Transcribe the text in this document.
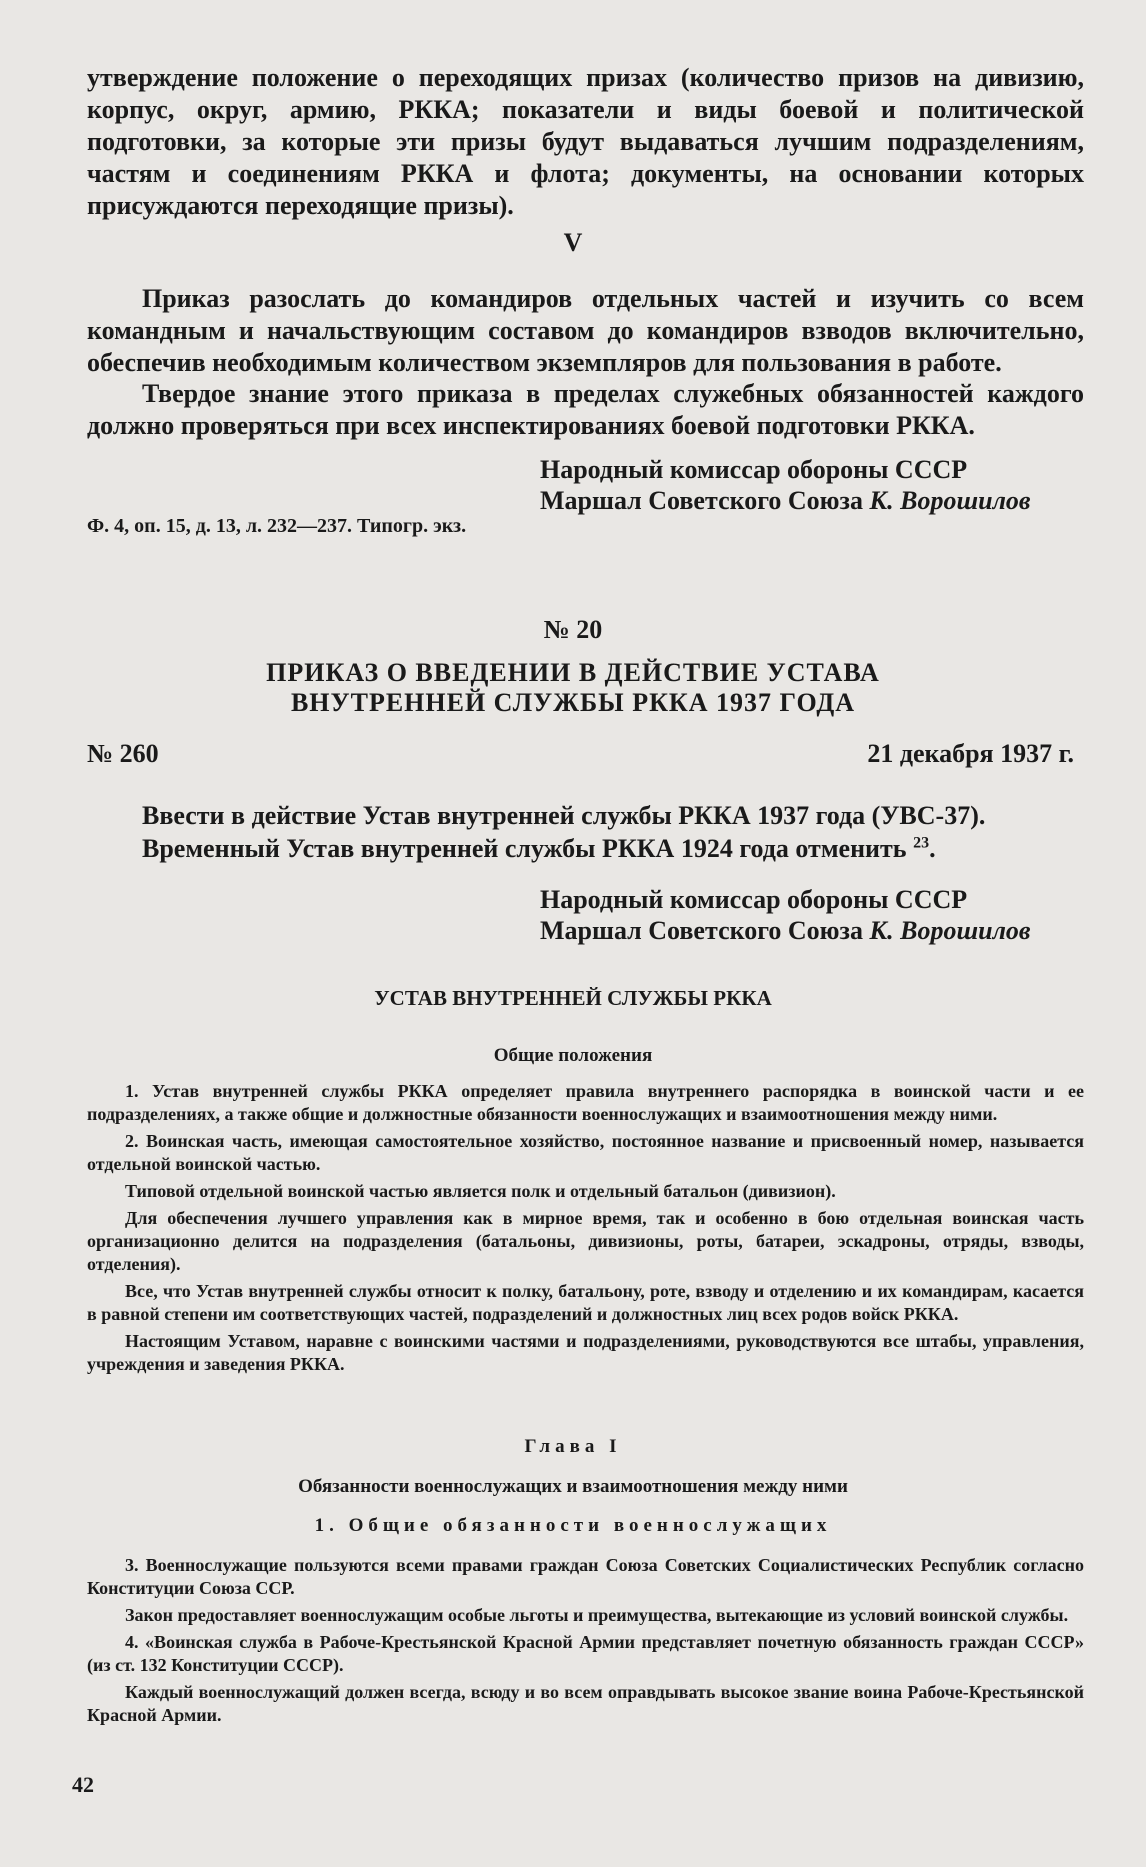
утверждение положение о переходящих призах (количество призов на дивизию, корпус, округ, армию, РККА; показатели и виды боевой и политической подготовки, за которые эти призы будут выдаваться лучшим подразделениям, частям и соединениям РККА и флота; документы, на основании которых присуждаются переходящие призы).
V
Приказ разослать до командиров отдельных частей и изучить со всем командным и начальствующим составом до командиров взводов включительно, обеспечив необходимым количеством экземпляров для пользования в работе.
Твердое знание этого приказа в пределах служебных обязанностей каждого должно проверяться при всех инспектированиях боевой подготовки РККА.
Народный комиссар обороны СССР
Маршал Советского Союза К. Ворошилов
Ф. 4, оп. 15, д. 13, л. 232—237. Типогр. экз.
№ 20
ПРИКАЗ О ВВЕДЕНИИ В ДЕЙСТВИЕ УСТАВА
ВНУТРЕННЕЙ СЛУЖБЫ РККА 1937 ГОДА
№ 260	21 декабря 1937 г.
Ввести в действие Устав внутренней службы РККА 1937 года (УВС-37).
Временный Устав внутренней службы РККА 1924 года отменить $^{23}$.
Народный комиссар обороны СССР
Маршал Советского Союза К. Ворошилов
УСТАВ ВНУТРЕННЕЙ СЛУЖБЫ РККА
Общие положения

1. Устав внутренней службы РККА определяет правила внутреннего распорядка в воинской части и ее подразделениях, а также общие и должностные обязанности военнослужащих и взаимоотношения между ними.

2. Воинская часть, имеющая самостоятельное хозяйство, постоянное название и присвоенный номер, называется отдельной воинской частью.

Типовой отдельной воинской частью является полк и отдельный батальон (дивизион).

Для обеспечения лучшего управления как в мирное время, так и особенно в бою отдельная воинская часть организационно делится на подразделения (батальоны, дивизионы, роты, батареи, эскадроны, отряды, взводы, отделения).

Все, что Устав внутренней службы относит к полку, батальону, роте, взводу и отделению и их командирам, касается в равной степени им соответствующих частей, подразделений и должностных лиц всех родов войск РККА.

Настоящим Уставом, наравне с воинскими частями и подразделениями, руководствуются все штабы, управления, учреждения и заведения РККА.

Глава I
Обязанности военнослужащих и взаимоотношения между ними
1. Общие обязанности военнослужащих

3. Военнослужащие пользуются всеми правами граждан Союза Советских Социалистических Республик согласно Конституции Союза ССР.

Закон предоставляет военнослужащим особые льготы и преимущества, вытекающие из условий воинской службы.

4. «Воинская служба в Рабоче-Крестьянской Красной Армии представляет почетную обязанность граждан СССР» (из ст. 132 Конституции СССР).

Каждый военнослужащий должен всегда, всюду и во всем оправдывать высокое звание воина Рабоче-Крестьянской Красной Армии.

42
